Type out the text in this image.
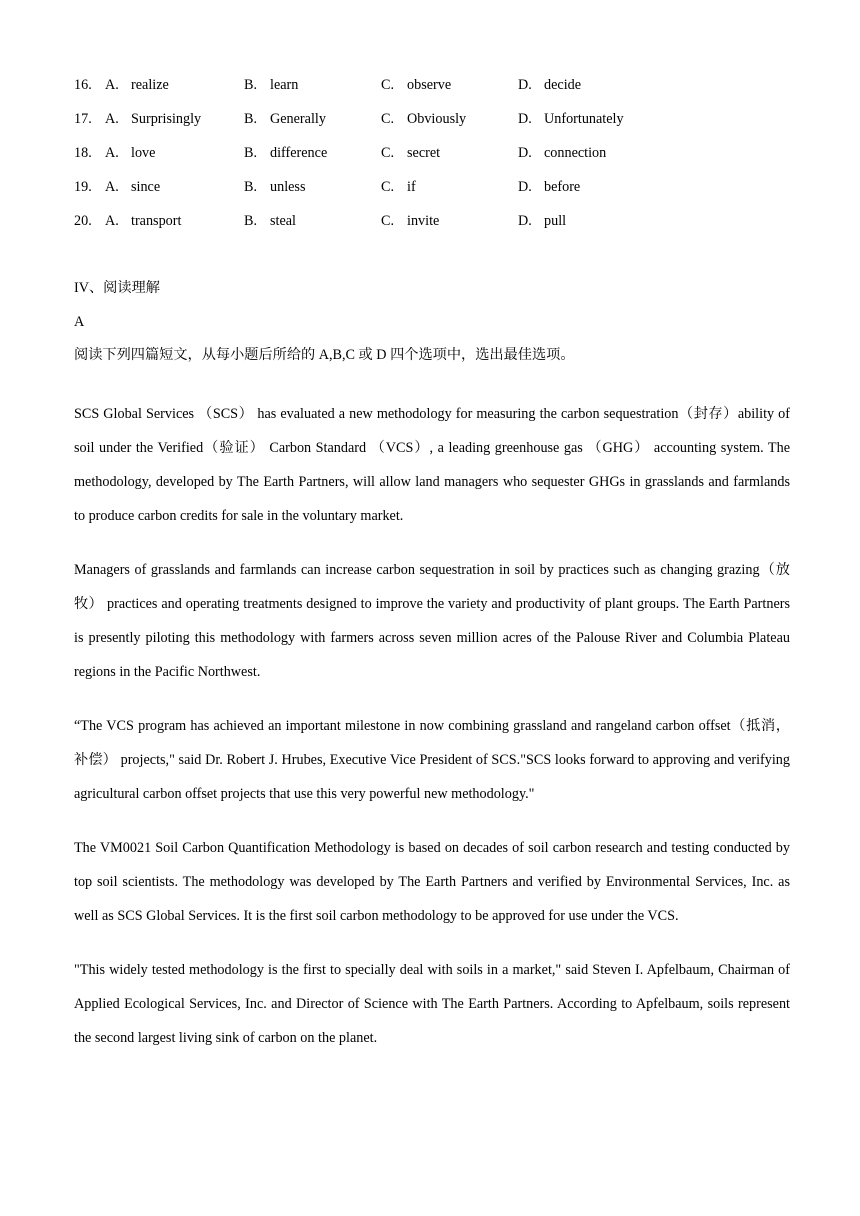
16. A. realize	B. learn	C. observe	D. decide
17. A. Surprisingly	B. Generally	C. Obviously	D. Unfortunately
18. A. love	B. difference	C. secret	D. connection
19. A. since	B. unless	C. if	D. before
20. A. transport	B. steal	C. invite	D. pull
IV、阅读理解
A
阅读下列四篇短文，从每小题后所给的 A,B,C 或 D 四个选项中，选出最佳选项。

SCS Global Services （SCS） has evaluated a new methodology for measuring the carbon sequestration（封存）ability of soil under the Verified（验证） Carbon Standard （VCS）, a leading greenhouse gas （GHG） accounting system. The methodology, developed by The Earth Partners, will allow land managers who sequester GHGs in grasslands and farmlands to produce carbon credits for sale in the voluntary market.

Managers of grasslands and farmlands can increase carbon sequestration in soil by practices such as changing grazing（放牧） practices and operating treatments designed to improve the variety and productivity of plant groups. The Earth Partners is presently piloting this methodology with farmers across seven million acres of the Palouse River and Columbia Plateau regions in the Pacific Northwest.

“The VCS program has achieved an important milestone in now combining grassland and rangeland carbon offset（抵消，补偿） projects," said Dr. Robert J. Hrubes, Executive Vice President of SCS."SCS looks forward to approving and verifying agricultural carbon offset projects that use this very powerful new methodology."

The VM0021 Soil Carbon Quantification Methodology is based on decades of soil carbon research and testing conducted by top soil scientists. The methodology was developed by The Earth Partners and verified by Environmental Services, Inc. as well as SCS Global Services. It is the first soil carbon methodology to be approved for use under the VCS.

"This widely tested methodology is the first to specially deal with soils in a market," said Steven I. Apfelbaum, Chairman of Applied Ecological Services, Inc. and Director of Science with The Earth Partners. According to Apfelbaum, soils represent the second largest living sink of carbon on the planet.
